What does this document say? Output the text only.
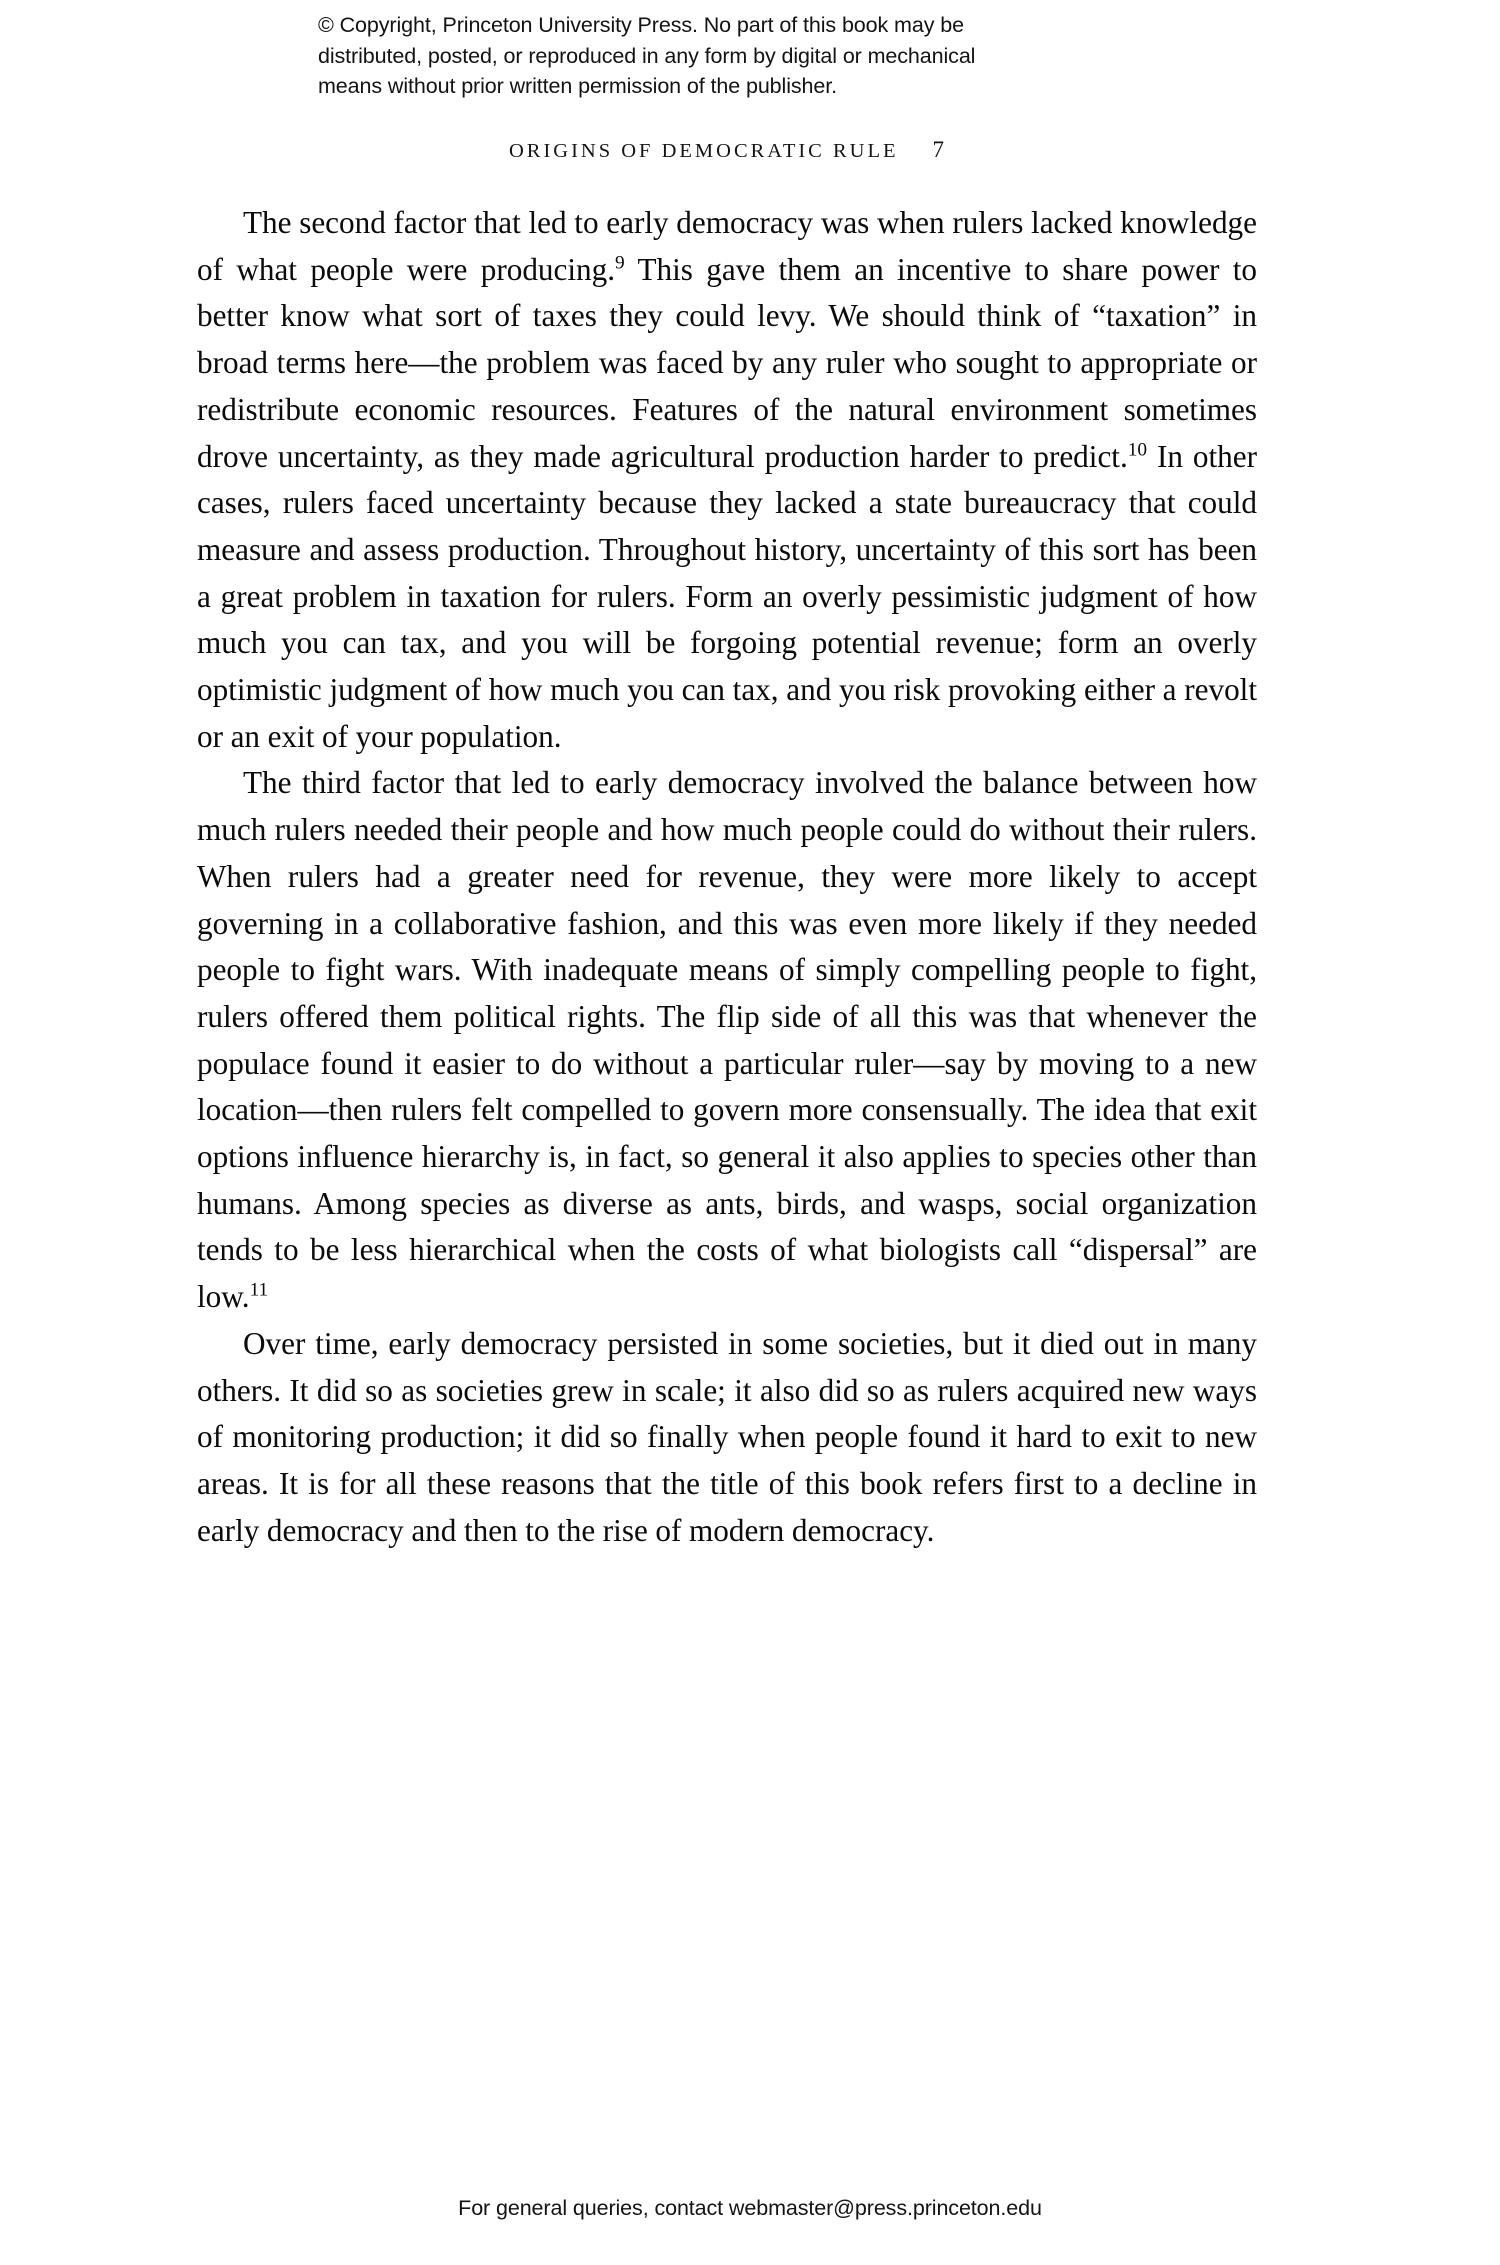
© Copyright, Princeton University Press. No part of this book may be
distributed, posted, or reproduced in any form by digital or mechanical
means without prior written permission of the publisher.
ORIGINS OF DEMOCRATIC RULE 7

The second factor that led to early democracy was when rulers lacked knowledge of what people were producing.$^9$ This gave them an incentive to share power to better know what sort of taxes they could levy. We should think of “taxation” in broad terms here—the problem was faced by any ruler who sought to appropriate or redistribute economic resources. Features of the natural environment sometimes drove uncertainty, as they made agricultural production harder to predict.$^{10}$ In other cases, rulers faced uncertainty because they lacked a state bureaucracy that could measure and assess production. Throughout history, uncertainty of this sort has been a great problem in taxation for rulers. Form an overly pessimistic judgment of how much you can tax, and you will be forgoing potential revenue; form an overly optimistic judgment of how much you can tax, and you risk provoking either a revolt or an exit of your population.

The third factor that led to early democracy involved the balance between how much rulers needed their people and how much people could do without their rulers. When rulers had a greater need for revenue, they were more likely to accept governing in a collaborative fashion, and this was even more likely if they needed people to fight wars. With inadequate means of simply compelling people to fight, rulers offered them political rights. The flip side of all this was that whenever the populace found it easier to do without a particular ruler—say by moving to a new location—then rulers felt compelled to govern more consensually. The idea that exit options influence hierarchy is, in fact, so general it also applies to species other than humans. Among species as diverse as ants, birds, and wasps, social organization tends to be less hierarchical when the costs of what biologists call “dispersal” are low.$^{11}$

Over time, early democracy persisted in some societies, but it died out in many others. It did so as societies grew in scale; it also did so as rulers acquired new ways of monitoring production; it did so finally when people found it hard to exit to new areas. It is for all these reasons that the title of this book refers first to a decline in early democracy and then to the rise of modern democracy.

For general queries, contact webmaster@press.princeton.edu
